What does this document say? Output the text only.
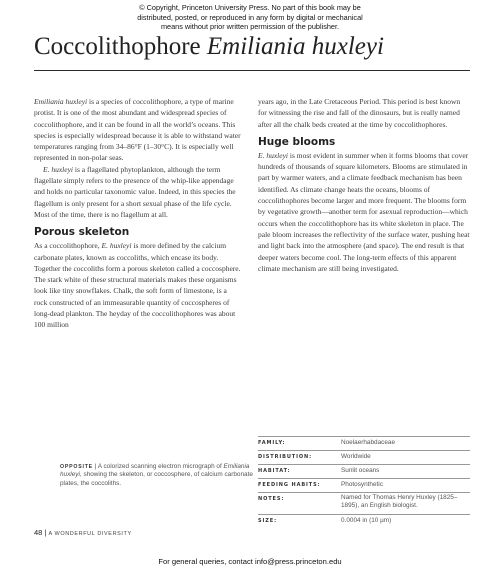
© Copyright, Princeton University Press. No part of this book may be
distributed, posted, or reproduced in any form by digital or mechanical
means without prior written permission of the publisher.
Coccolithophore Emiliania huxleyi

Emiliania huxleyi is a species of coccolithophore, a type of marine protist. It is one of the most abundant and widespread species of coccolithophore, and it can be found in all the world’s oceans. This species is especially widespread because it is able to withstand water temperatures ranging from 34–86°F (1–30°C). It is especially well represented in non-polar seas.

E. huxleyi is a flagellated phytoplankton, although the term flagellate simply refers to the presence of the whip-like appendage and holds no particular taxonomic value. Indeed, in this species the flagellum is only present for a short sexual phase of the life cycle. Most of the time, there is no flagellum at all.

Porous skeleton

As a coccolithophore, E. huxleyi is more defined by the calcium carbonate plates, known as coccoliths, which encase its body. Together the coccoliths form a porous skeleton called a coccosphere. The stark white of these structural materials makes these organisms look like tiny snowflakes. Chalk, the soft form of limestone, is a rock constructed of an immeasurable quantity of coccospheres of long-dead plankton. The heyday of the coccolithophores was about 100 million

years ago, in the Late Cretaceous Period. This period is best known for witnessing the rise and fall of the dinosaurs, but is really named after all the chalk beds created at the time by coccolithophores.

Huge blooms

E. huxleyi is most evident in summer when it forms blooms that cover hundreds of thousands of square kilometers. Blooms are stimulated in part by warmer waters, and a climate feedback mechanism has been identified. As climate change heats the oceans, blooms of coccolithophores become larger and more frequent. The blooms form by vegetative growth—another term for asexual reproduction—which occurs when the coccolithophore has its white skeleton in place. The pale bloom increases the reflectivity of the surface water, pushing heat and light back into the atmosphere (and space). The end result is that deeper waters become cool. The long-term effects of this apparent climate mechanism are still being investigated.

FAMILY:	Noelaerhabdaceae
DISTRIBUTION:	Worldwide
HABITAT:	Sunlit oceans
FEEDING HABITS:	Photosynthetic
NOTES:	Named for Thomas Henry Huxley (1825–1895), an English biologist.
SIZE:	0.0004 in (10 µm)
OPPOSITE | A colorized scanning electron micrograph of Emiliania huxleyi, showing the skeleton, or coccosphere, of calcium carbonate plates, the coccoliths.
48 | A WONDERFUL DIVERSITY
For general queries, contact info@press.princeton.edu
